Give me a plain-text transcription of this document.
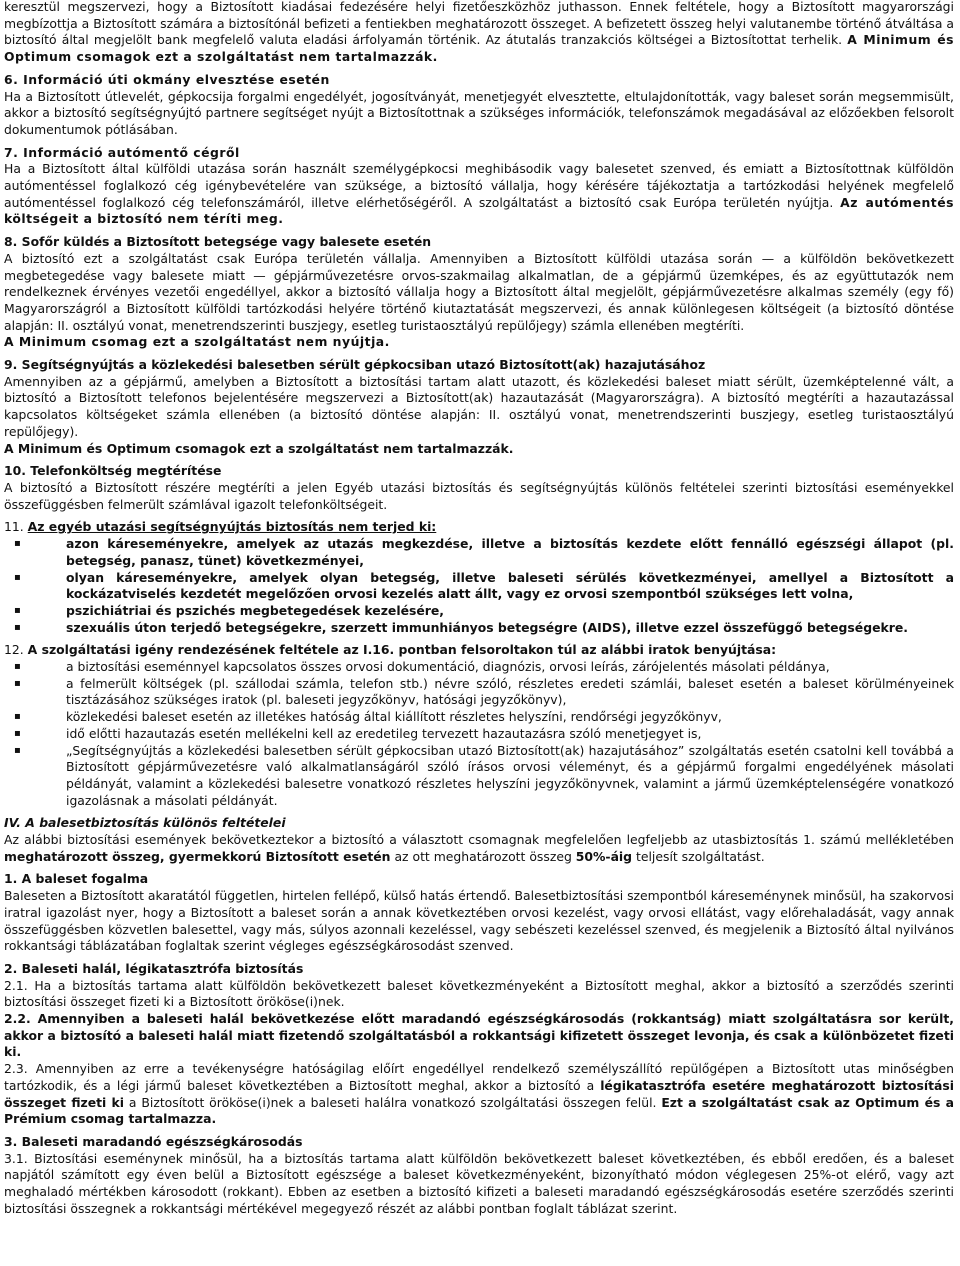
keresztül megszervezi, hogy a Biztosított kiadásai fedezésére helyi fizetőeszközhöz juthasson. Ennek feltétele, hogy a Biztosított magyarországi megbízottja a Biztosított számára a biztosítónál befizeti a fentiekben meghatározott összeget. A befizetett összeg helyi valutanembe történő átváltása a biztosító által megjelölt bank megfelelő valuta eladási árfolyamán történik. Az átutalás tranzakciós költségei a Biztosítottat terhelik. A Minimum és Optimum csomagok ezt a szolgáltatást nem tartalmazzák.

6. Információ úti okmány elvesztése esetén

Ha a Biztosított útlevelét, gépkocsija forgalmi engedélyét, jogosítványát, menetjegyét elvesztette, eltulajdonították, vagy baleset során megsemmisült, akkor a biztosító segítségnyújtó partnere segítséget nyújt a Biztosítottnak a szükséges információk, telefonszámok megadásával az előzőekben felsorolt dokumentumok pótlásában.

7. Információ autómentő cégről

Ha a Biztosított által külföldi utazása során használt személygépkocsi meghibásodik vagy balesetet szenved, és emiatt a Biztosítottnak külföldön autómentéssel foglalkozó cég igénybevételére van szüksége, a biztosító vállalja, hogy kérésére tájékoztatja a tartózkodási helyének megfelelő autómentéssel foglalkozó cég telefonszámáról, illetve elérhetőségéről. A szolgáltatást a biztosító csak Európa területén nyújtja. Az autómentés költségeit a biztosító nem téríti meg.

8. Sofőr küldés a Biztosított betegsége vagy balesete esetén

A biztosító ezt a szolgáltatást csak Európa területén vállalja. Amennyiben a Biztosított külföldi utazása során — a külföldön bekövetkezett megbetegedése vagy balesete miatt — gépjárművezetésre orvos-szakmailag alkalmatlan, de a gépjármű üzemképes, és az együttutazók nem rendelkeznek érvényes vezetői engedéllyel, akkor a biztosító vállalja hogy a Biztosított által megjelölt, gépjárművezetésre alkalmas személy (egy fő) Magyarországról a Biztosított külföldi tartózkodási helyére történő kiutaztatását megszervezi, és annak különlegesen költségeit (a biztosító döntése alapján: II. osztályú vonat, menetrendszerinti buszjegy, esetleg turistaosztályú repülőjegy) számla ellenében megtéríti.

A Minimum csomag ezt a szolgáltatást nem nyújtja.

9. Segítségnyújtás a közlekedési balesetben sérült gépkocsiban utazó Biztosított(ak) hazajutásához

Amennyiben az a gépjármű, amelyben a Biztosított a biztosítási tartam alatt utazott, és közlekedési baleset miatt sérült, üzemképtelenné vált, a biztosító a Biztosított telefonos bejelentésére megszervezi a Biztosított(ak) hazautazását (Magyarországra). A biztosító megtéríti a hazautazással kapcsolatos költségeket számla ellenében (a biztosító döntése alapján: II. osztályú vonat, menetrendszerinti buszjegy, esetleg turistaosztályú repülőjegy).

A Minimum és Optimum csomagok ezt a szolgáltatást nem tartalmazzák.

10. Telefonköltség megtérítése

A biztosító a Biztosított részére megtéríti a jelen Egyéb utazási biztosítás és segítségnyújtás különös feltételei szerinti biztosítási eseményekkel összefüggésben felmerült számlával igazolt telefonköltségeit.

11. Az egyéb utazási segítségnyújtás biztosítás nem terjed ki:

▪	azon káreseményekre, amelyek az utazás megkezdése, illetve a biztosítás kezdete előtt fennálló egészségi állapot (pl. betegség, panasz, tünet) következményei,
▪	olyan káreseményekre, amelyek olyan betegség, illetve baleseti sérülés következményei, amellyel a Biztosított a kockázatviselés kezdetét megelőzően orvosi kezelés alatt állt, vagy ez orvosi szempontból szükséges lett volna,
▪	pszichiátriai és pszichés megbetegedések kezelésére,
▪	szexuális úton terjedő betegségekre, szerzett immunhiányos betegségre (AIDS), illetve ezzel összefüggő betegségekre.

12. A szolgáltatási igény rendezésének feltétele az I.16. pontban felsoroltakon túl az alábbi iratok benyújtása:

▪	a biztosítási eseménnyel kapcsolatos összes orvosi dokumentáció, diagnózis, orvosi leírás, zárójelentés másolati példánya,
▪	a felmerült költségek (pl. szállodai számla, telefon stb.) névre szóló, részletes eredeti számlái, baleset esetén a baleset körülményeinek tisztázásához szükséges iratok (pl. baleseti jegyzőkönyv, hatósági jegyzőkönyv),
▪	közlekedési baleset esetén az illetékes hatóság által kiállított részletes helyszíni, rendőrségi jegyzőkönyv,
▪	idő előtti hazautazás esetén mellékelni kell az eredetileg tervezett hazautazásra szóló menetjegyet is,
▪	„Segítségnyújtás a közlekedési balesetben sérült gépkocsiban utazó Biztosított(ak) hazajutásához” szolgáltatás esetén csatolni kell továbbá a Biztosított gépjárművezetésre való alkalmatlanságáról szóló írásos orvosi véleményt, és a gépjármű forgalmi engedélyének másolati példányát, valamint a közlekedési balesetre vonatkozó részletes helyszíni jegyzőkönyvnek, valamint a jármű üzemképtelenségére vonatkozó igazolásnak a másolati példányát.

IV. A balesetbiztosítás különös feltételei

Az alábbi biztosítási események bekövetkeztekor a biztosító a választott csomagnak megfelelően legfeljebb az utasbiztosítás 1. számú mellékletében meghatározott összeg, gyermekkorú Biztosított esetén az ott meghatározott összeg 50%-áig teljesít szolgáltatást.

1. A baleset fogalma

Baleseten a Biztosított akaratától független, hirtelen fellépő, külső hatás értendő. Balesetbiztosítási szempontból káreseménynek minősül, ha szakorvosi iratral igazolást nyer, hogy a Biztosított a baleset során a annak következtében orvosi kezelést, vagy orvosi ellátást, vagy előrehaladását, vagy annak összefüggésben közvetlen balesettel, vagy más, súlyos azonnali kezeléssel, vagy sebészeti kezeléssel szenved, és megjelenik a Biztosító által nyilvános rokkantsági táblázatában foglaltak szerint végleges egészségkárosodást szenved.

2. Baleseti halál, légikatasztrófa biztosítás

2.1. Ha a biztosítás tartama alatt külföldön bekövetkezett baleset következményeként a Biztosított meghal, akkor a biztosító a szerződés szerinti biztosítási összeget fizeti ki a Biztosított örököse(i)nek.

2.2. Amennyiben a baleseti halál bekövetkezése előtt maradandó egészségkárosodás (rokkantság) miatt szolgáltatásra sor került, akkor a biztosító a baleseti halál miatt fizetendő szolgáltatásból a rokkantsági kifizetett összeget levonja, és csak a különbözetet fizeti ki.

2.3. Amennyiben az erre a tevékenységre hatóságilag előírt engedéllyel rendelkező személyszállító repülőgépen a Biztosított utas minőségben tartózkodik, és a légi jármű baleset következtében a Biztosított meghal, akkor a biztosító a légikatasztrófa esetére meghatározott biztosítási összeget fizeti ki a Biztosított örököse(i)nek a baleseti halálra vonatkozó szolgáltatási összegen felül. Ezt a szolgáltatást csak az Optimum és a Prémium csomag tartalmazza.

3. Baleseti maradandó egészségkárosodás

3.1. Biztosítási eseménynek minősül, ha a biztosítás tartama alatt külföldön bekövetkezett baleset következtében, és ebből eredően, és a baleset napjától számított egy éven belül a Biztosított egészsége a baleset következményeként, bizonyítható módon véglegesen 25%-ot elérő, vagy azt meghaladó mértékben károsodott (rokkant). Ebben az esetben a biztosító kifizeti a baleseti maradandó egészségkárosodás esetére szerződés szerinti biztosítási összegnek a rokkantsági mértékével megegyező részét az alábbi pontban foglalt táblázat szerint.
